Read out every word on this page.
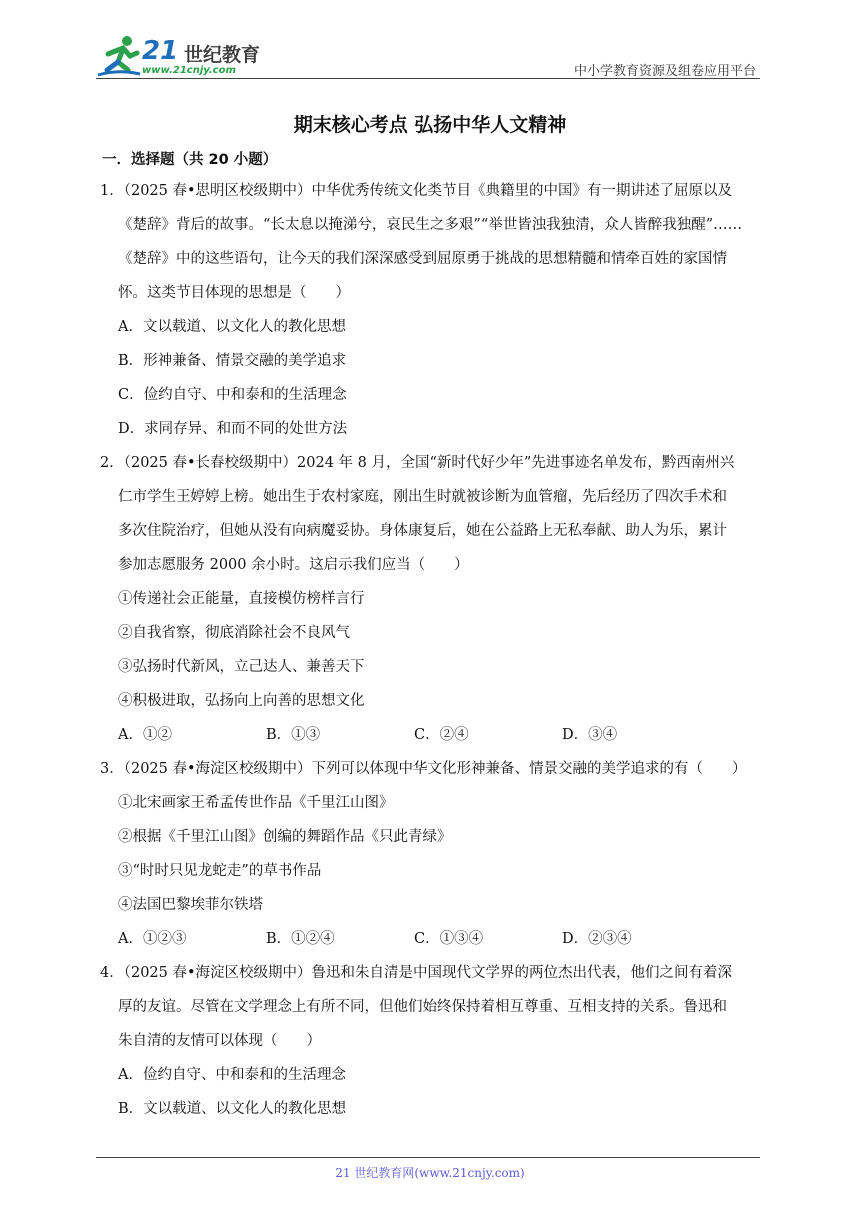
21 世纪教育
www.21cnjy.com	中小学教育资源及组卷应用平台
期末核心考点 弘扬中华人文精神
一．选择题（共 20 小题）
1．（2025 春•思明区校级期中）中华优秀传统文化类节目《典籍里的中国》有一期讲述了屈原以及
《楚辞》背后的故事。“长太息以掩涕兮，哀民生之多艰”“举世皆浊我独清，众人皆醉我独醒”……
《楚辞》中的这些语句，让今天的我们深深感受到屈原勇于挑战的思想精髓和情牵百姓的家国情
怀。这类节目体现的思想是（　　）
A．文以载道、以文化人的教化思想
B．形神兼备、情景交融的美学追求
C．俭约自守、中和泰和的生活理念
D．求同存异、和而不同的处世方法
2．（2025 春•长春校级期中）2024 年 8 月，全国“新时代好少年”先进事迹名单发布，黔西南州兴
仁市学生王婷婷上榜。她出生于农村家庭，刚出生时就被诊断为血管瘤，先后经历了四次手术和
多次住院治疗，但她从没有向病魔妥协。身体康复后，她在公益路上无私奉献、助人为乐，累计
参加志愿服务 2000 余小时。这启示我们应当（　　）
①传递社会正能量，直接模仿榜样言行
②自我省察，彻底消除社会不良风气
③弘扬时代新风，立己达人、兼善天下
④积极进取，弘扬向上向善的思想文化
A．①②	B．①③	C．②④	D．③④
3．（2025 春•海淀区校级期中）下列可以体现中华文化形神兼备、情景交融的美学追求的有（　　）
①北宋画家王希孟传世作品《千里江山图》
②根据《千里江山图》创编的舞蹈作品《只此青绿》
③“时时只见龙蛇走”的草书作品
④法国巴黎埃菲尔铁塔
A．①②③	B．①②④	C．①③④	D．②③④
4．（2025 春•海淀区校级期中）鲁迅和朱自清是中国现代文学界的两位杰出代表，他们之间有着深
厚的友谊。尽管在文学理念上有所不同，但他们始终保持着相互尊重、互相支持的关系。鲁迅和
朱自清的友情可以体现（　　）
A．俭约自守、中和泰和的生活理念
B．文以载道、以文化人的教化思想
21 世纪教育网(www.21cnjy.com)
